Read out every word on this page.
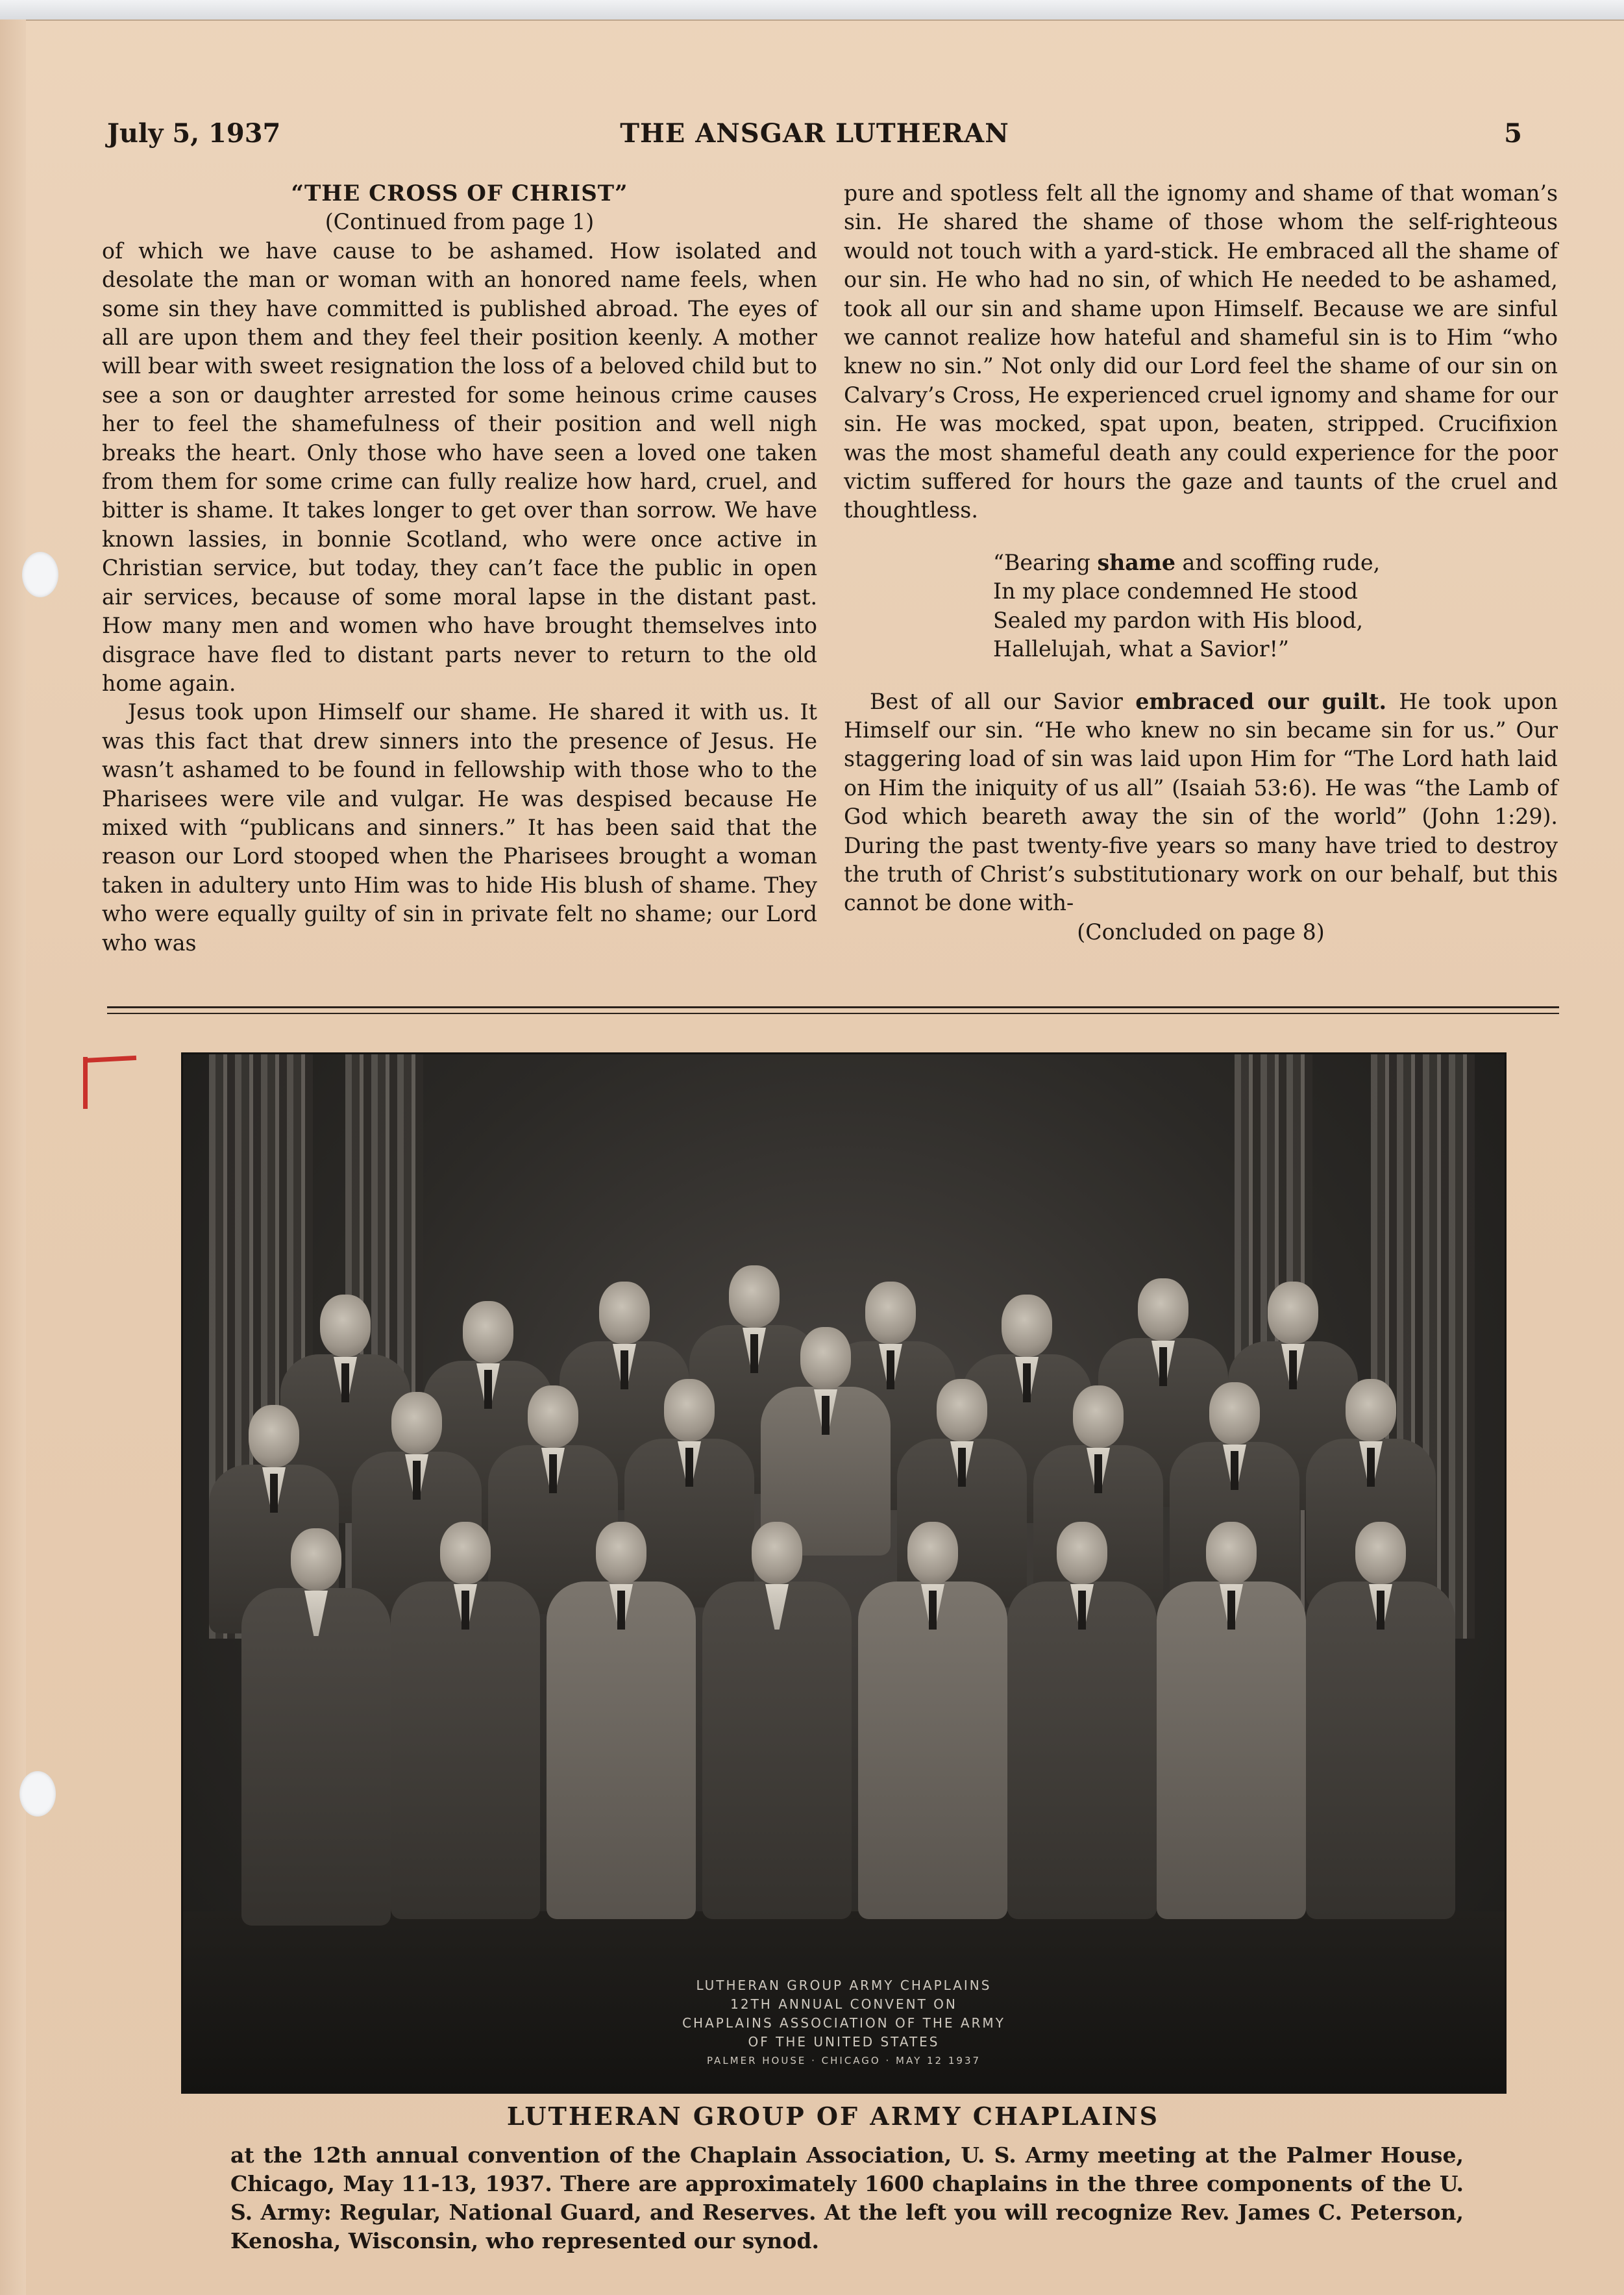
July 5, 1937	THE ANSGAR LUTHERAN	5

“THE CROSS OF CHRIST”

(Continued from page 1)

of which we have cause to be ashamed. How isolated and desolate the man or woman with an honored name feels, when some sin they have committed is published abroad. The eyes of all are upon them and they feel their position keenly. A mother will bear with sweet resignation the loss of a beloved child but to see a son or daughter arrested for some heinous crime causes her to feel the shamefulness of their position and well nigh breaks the heart. Only those who have seen a loved one taken from them for some crime can fully realize how hard, cruel, and bitter is shame. It takes longer to get over than sorrow. We have known lassies, in bonnie Scotland, who were once active in Christian service, but today, they can’t face the public in open air services, because of some moral lapse in the distant past. How many men and women who have brought themselves into disgrace have fled to distant parts never to return to the old home again.

Jesus took upon Himself our shame. He shared it with us. It was this fact that drew sinners into the presence of Jesus. He wasn’t ashamed to be found in fellowship with those who to the Pharisees were vile and vulgar. He was despised because He mixed with “publicans and sinners.” It has been said that the reason our Lord stooped when the Pharisees brought a woman taken in adultery unto Him was to hide His blush of shame. They who were equally guilty of sin in private felt no shame; our Lord who was

pure and spotless felt all the ignomy and shame of that woman’s sin. He shared the shame of those whom the self-righteous would not touch with a yard-stick. He embraced all the shame of our sin. He who had no sin, of which He needed to be ashamed, took all our sin and shame upon Himself. Because we are sinful we cannot realize how hateful and shameful sin is to Him “who knew no sin.” Not only did our Lord feel the shame of our sin on Calvary’s Cross, He experienced cruel ignomy and shame for our sin. He was mocked, spat upon, beaten, stripped. Crucifixion was the most shameful death any could experience for the poor victim suffered for hours the gaze and taunts of the cruel and thoughtless.

“Bearing shame and scoffing rude,
In my place condemned He stood
Sealed my pardon with His blood,
Hallelujah, what a Savior!”

Best of all our Savior embraced our guilt. He took upon Himself our sin. “He who knew no sin became sin for us.” Our staggering load of sin was laid upon Him for “The Lord hath laid on Him the iniquity of us all” (Isaiah 53:6). He was “the Lamb of God which beareth away the sin of the world” (John 1:29). During the past twenty-five years so many have tried to destroy the truth of Christ’s substitutionary work on our behalf, but this cannot be done with-

(Concluded on page 8)

LUTHERAN GROUP ARMY CHAPLAINS
12TH ANNUAL CONVENT ON
CHAPLAINS ASSOCIATION OF THE ARMY
OF THE UNITED STATES
PALMER HOUSE · CHICAGO · MAY 12 1937
LUTHERAN GROUP OF ARMY CHAPLAINS
at the 12th annual convention of the Chaplain Association, U. S. Army meeting at the Palmer House, Chicago, May 11-13, 1937. There are approximately 1600 chaplains in the three components of the U. S. Army: Regular, National Guard, and Reserves. At the left you will recognize Rev. James C. Peterson, Kenosha, Wisconsin, who represented our synod.
